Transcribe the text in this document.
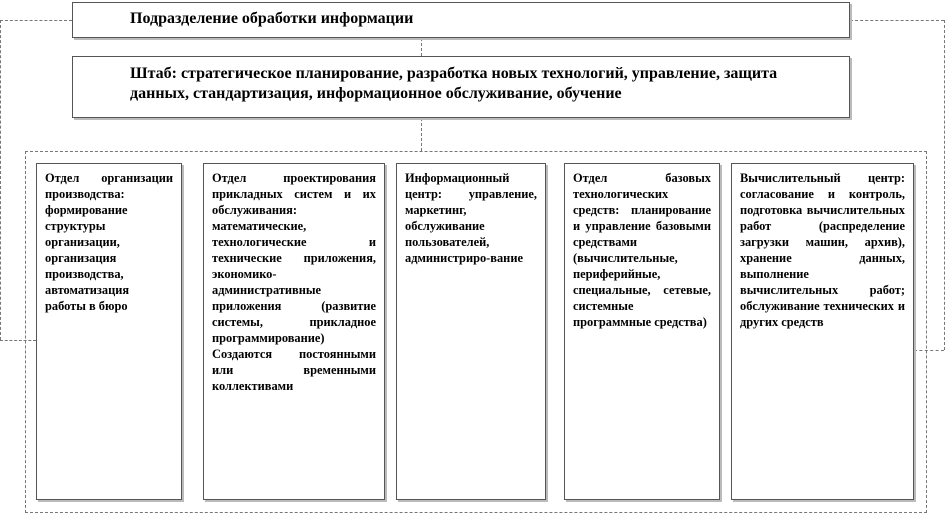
Подразделение обработки информации
Штаб: стратегическое планирование, разработка новых технологий, управление, защита данных, стандартизация, информационное обслуживание, обучение

Отдел организации производства: формирование структуры организации, организация производства, автоматизация работы в бюро

Отдел проектирования прикладных систем и их обслуживания: математические, технологические и технические приложения, экономико-административные приложения (развитие системы, прикладное программирование) Создаются постоянными или временными коллективами

Информационный центр: управление, маркетинг, обслуживание пользователей, администриро-вание

Отдел базовых технологических средств: планирование и управление базовыми средствами (вычислительные, периферийные, специальные, сетевые, системные программные средства)

Вычислительный центр: согласование и контроль, подготовка вычислительных работ (распределение загрузки машин, архив), хранение данных, выполнение вычислительных работ; обслуживание технических и других средств
